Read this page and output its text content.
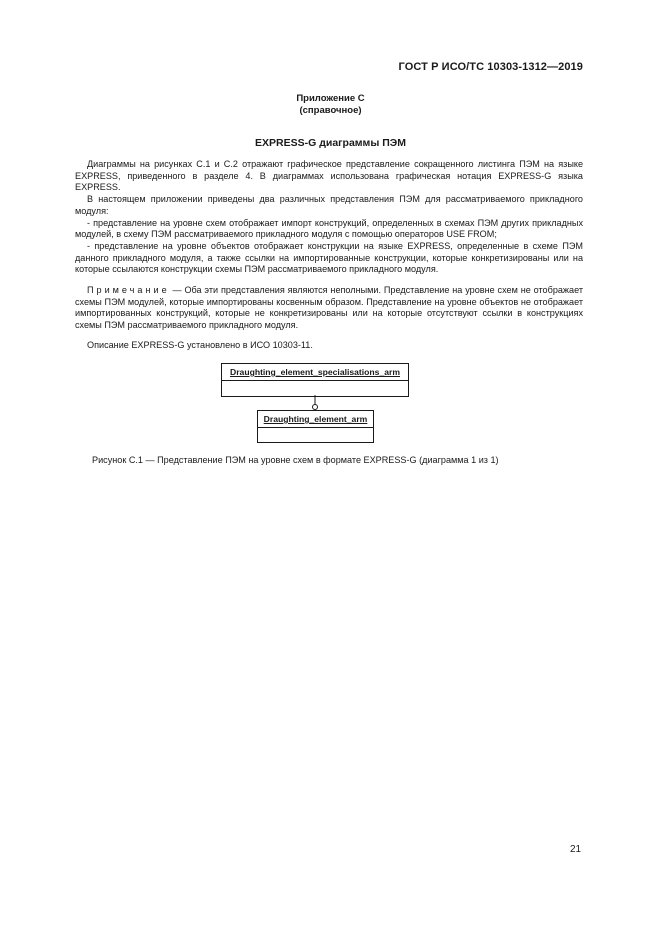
ГОСТ Р ИСО/ТС 10303-1312—2019
Приложение С
(справочное)
EXPRESS-G диаграммы ПЭМ

Диаграммы на рисунках С.1 и С.2 отражают графическое представление сокращенного листинга ПЭМ на языке EXPRESS, приведенного в разделе 4. В диаграммах использована графическая нотация EXPRESS-G языка EXPRESS.

В настоящем приложении приведены два различных представления ПЭМ для рассматриваемого прикладного модуля:

- представление на уровне схем отображает импорт конструкций, определенных в схемах ПЭМ других прикладных модулей, в схему ПЭМ рассматриваемого прикладного модуля с помощью операторов USE FROM;

- представление на уровне объектов отображает конструкции на языке EXPRESS, определенные в схеме ПЭМ данного прикладного модуля, а также ссылки на импортированные конструкции, которые конкретизированы или на которые ссылаются конструкции схемы ПЭМ рассматриваемого прикладного модуля.

Примечание — Оба эти представления являются неполными. Представление на уровне схем не отображает схемы ПЭМ модулей, которые импортированы косвенным образом. Представление на уровне объектов не отображает импортированных конструкций, которые не конкретизированы или на которые отсутствуют ссылки в конструкциях схемы ПЭМ рассматриваемого прикладного модуля.

Описание EXPRESS-G установлено в ИСО 10303-11.

Draughting_element_specialisations_arm
Draughting_element_arm
Рисунок С.1 — Представление ПЭМ на уровне схем в формате EXPRESS-G (диаграмма 1 из 1)
21
